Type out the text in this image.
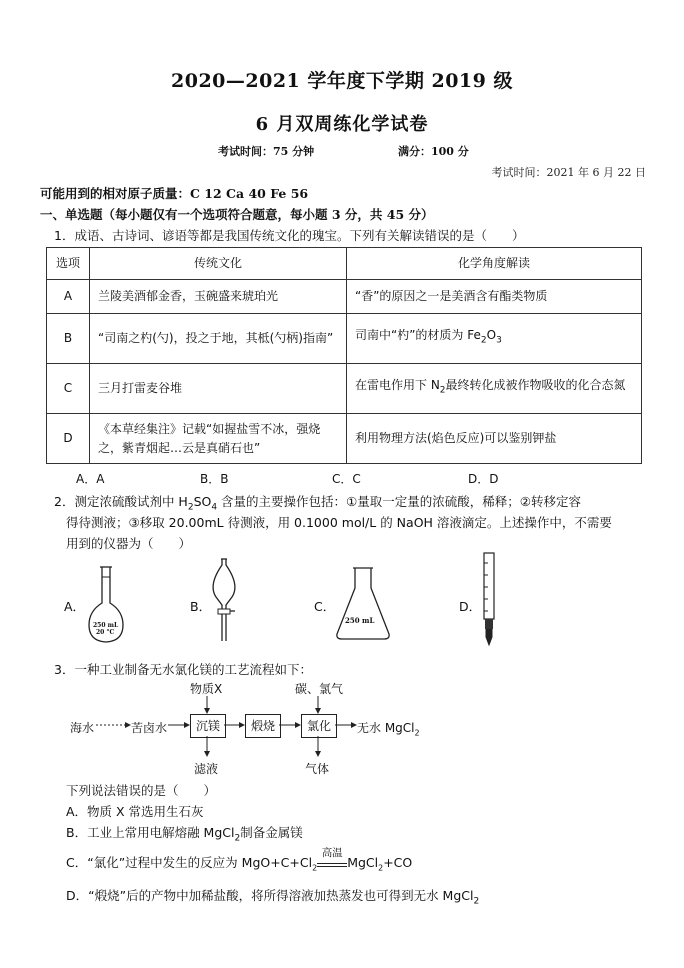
2020—2021 学年度下学期 2019 级
6 月双周练化学试卷
考试时间：75 分钟	满分：100 分
考试时间：2021 年 6 月 22 日
可能用到的相对原子质量：C 12 Ca 40 Fe 56
一、单选题（每小题仅有一个选项符合题意，每小题 3 分，共 45 分）
1．成语、古诗词、谚语等都是我国传统文化的瑰宝。下列有关解读错误的是（　　）
选项	传统文化	化学角度解读
A	兰陵美酒郁金香，玉碗盛来琥珀光	“香”的原因之一是美酒含有酯类物质
B	“司南之杓(勺)，投之于地，其柢(勺柄)指南”	司南中“杓”的材质为 $Fe_2O_3$
C	三月打雷麦谷堆	在雷电作用下 $N_2$最终转化成被作物吸收的化合态氮
D	《本草经集注》记载“如握盐雪不冰，强烧之，紫青烟起…云是真硝石也”	利用物理方法(焰色反应)可以鉴别钾盐
A．A	B．B	C．C	D．D
2．测定浓硫酸试剂中 $H_2SO_4$ 含量的主要操作包括：①量取一定量的浓硫酸，稀释；②转移定容
得待测液；③移取 20.00mL 待测液，用 0.1000 mol/L 的 NaOH 溶液滴定。上述操作中，不需要
用到的仪器为（　　）
A．	B．	C．	D．
250 mL
20 °C
250 mL
3．一种工业制备无水氯化镁的工艺流程如下：
物质X	碳、氯气
海水	苦卤水	沉镁	煅烧	氯化	无水 MgCl$_2$
滤液	气体
下列说法错误的是（　　）
A．物质 X 常选用生石灰
B．工业上常用电解熔融 MgCl$_2$制备金属镁
C．“氯化”过程中发生的反应为 $MgO+C+Cl_2$
高温
MgCl$_2$+CO
D．“煅烧”后的产物中加稀盐酸，将所得溶液加热蒸发也可得到无水 MgCl$_2$
